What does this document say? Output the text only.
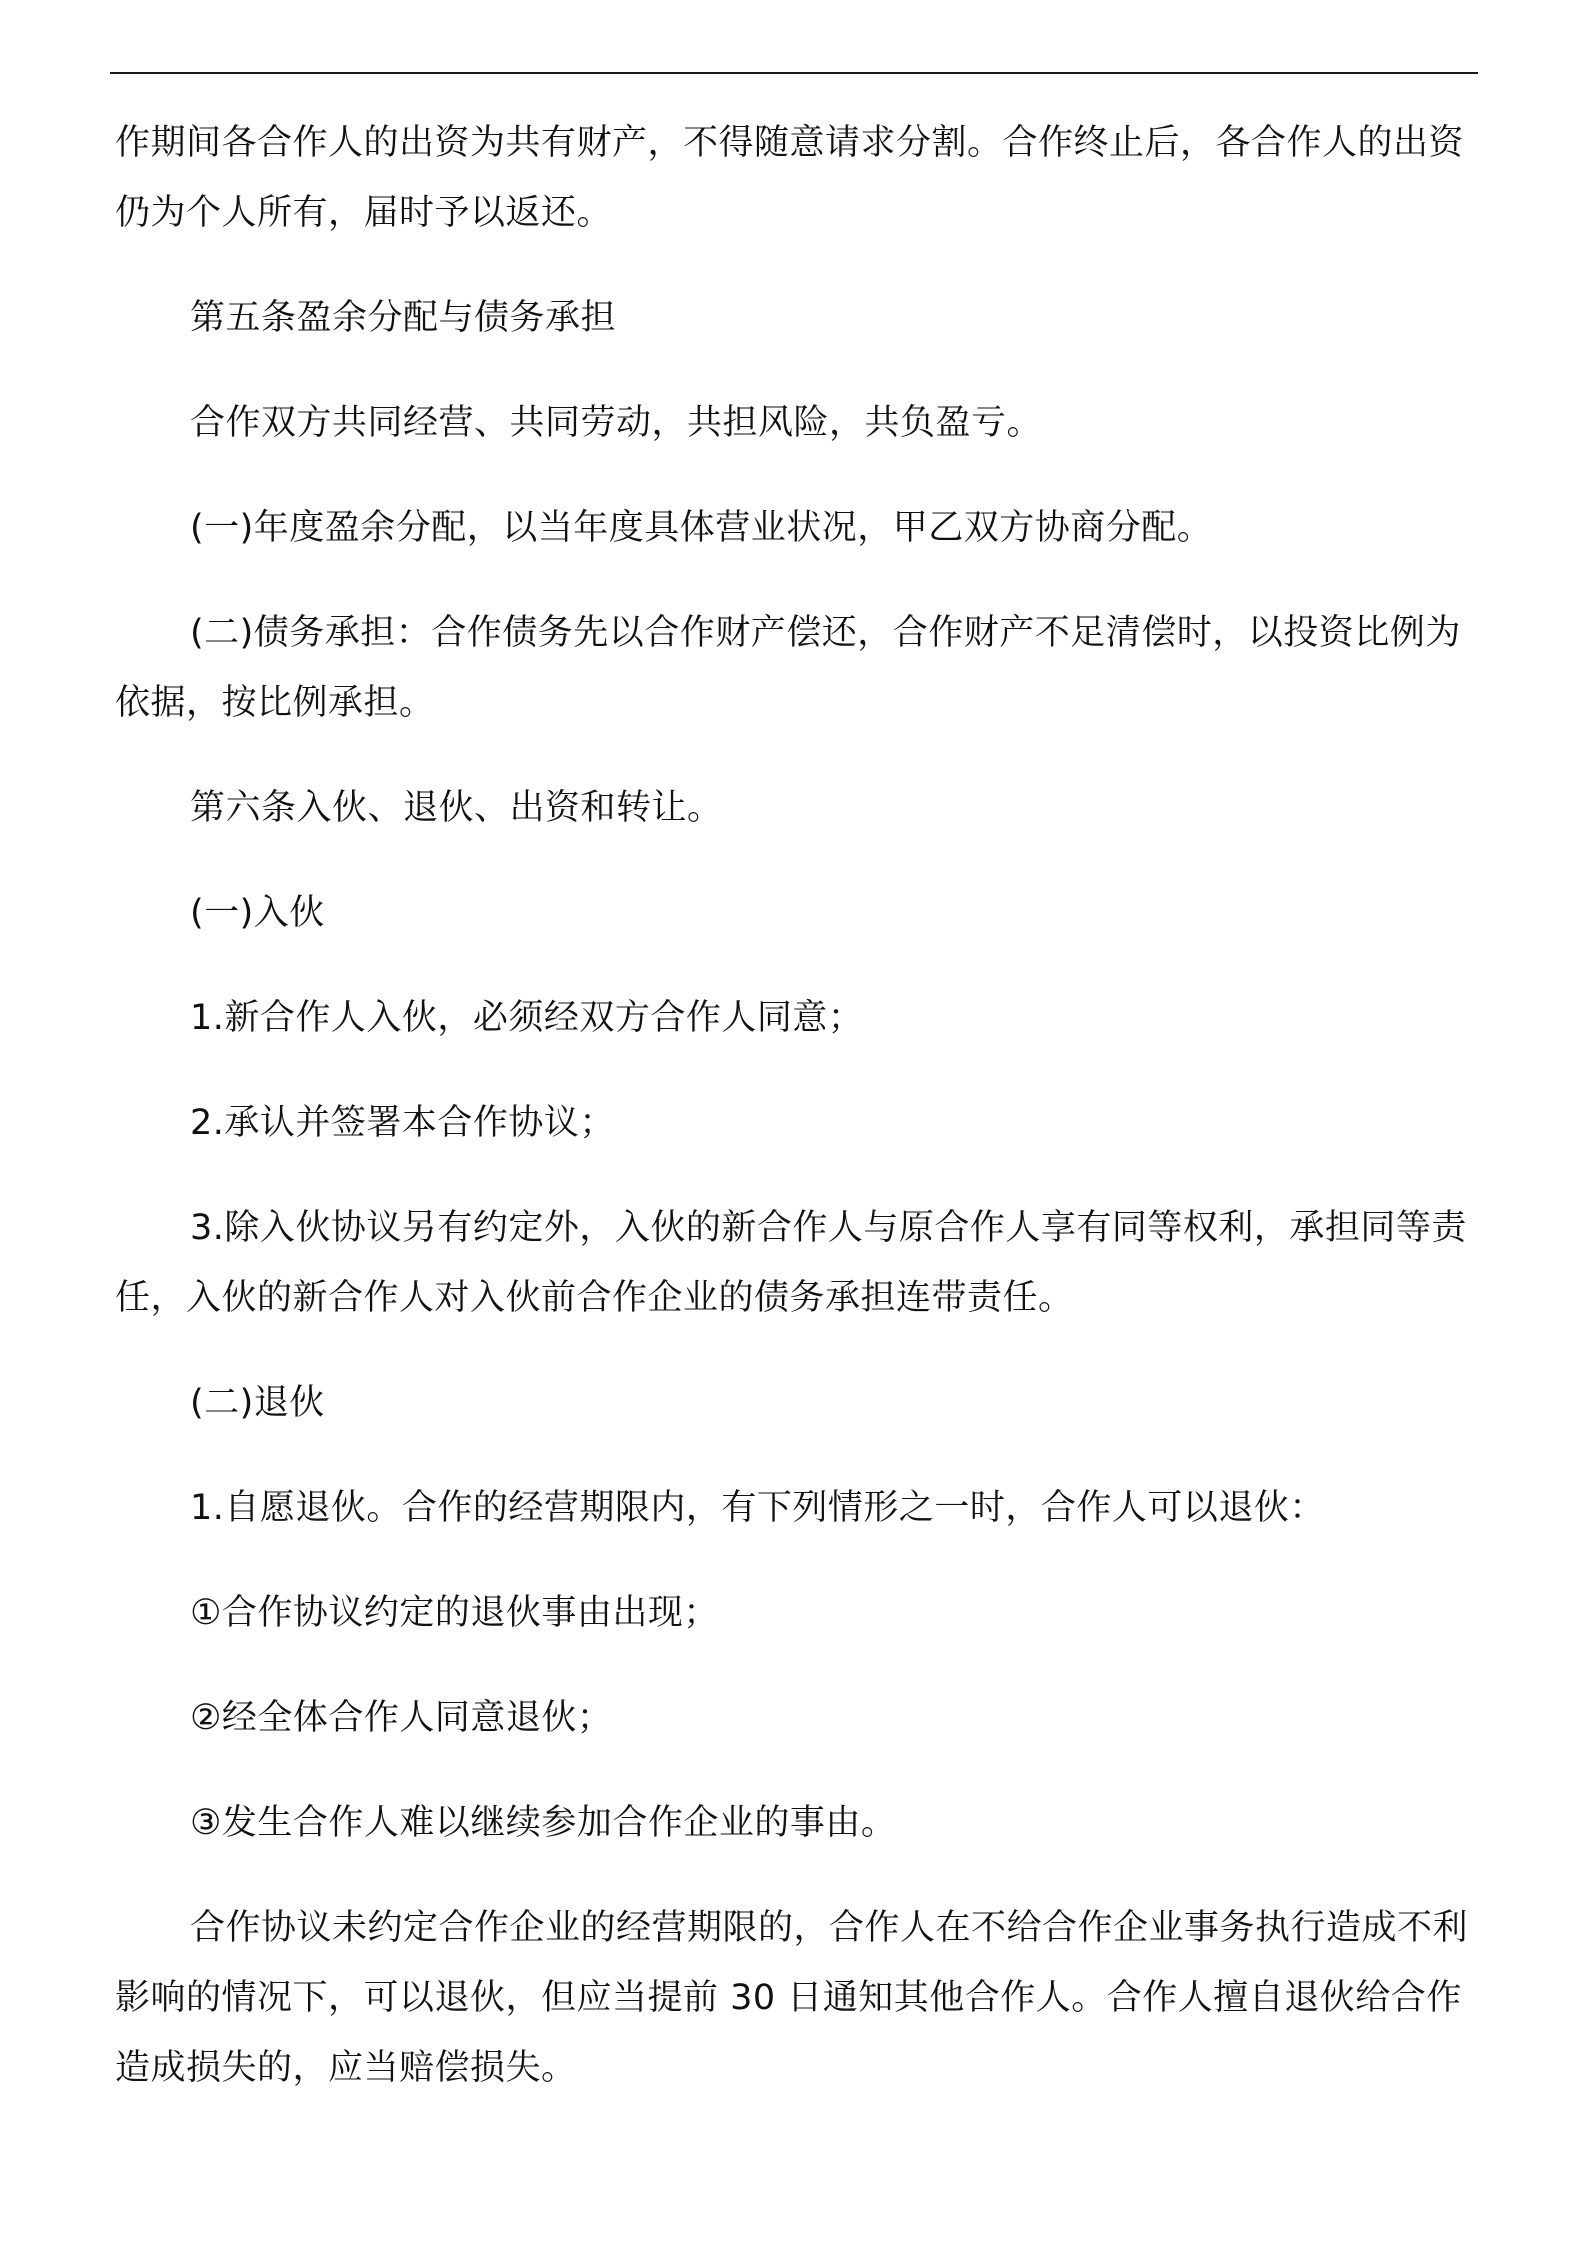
作期间各合作人的出资为共有财产，不得随意请求分割。合作终止后，各合作人的出资仍为个人所有，届时予以返还。

第五条盈余分配与债务承担

合作双方共同经营、共同劳动，共担风险，共负盈亏。

(一)年度盈余分配，以当年度具体营业状况，甲乙双方协商分配。

(二)债务承担：合作债务先以合作财产偿还，合作财产不足清偿时，以投资比例为依据，按比例承担。

第六条入伙、退伙、出资和转让。

(一)入伙

1.新合作人入伙，必须经双方合作人同意；

2.承认并签署本合作协议；

3.除入伙协议另有约定外，入伙的新合作人与原合作人享有同等权利，承担同等责任，入伙的新合作人对入伙前合作企业的债务承担连带责任。

(二)退伙

1.自愿退伙。合作的经营期限内，有下列情形之一时，合作人可以退伙：

①合作协议约定的退伙事由出现；

②经全体合作人同意退伙；

③发生合作人难以继续参加合作企业的事由。

合作协议未约定合作企业的经营期限的，合作人在不给合作企业事务执行造成不利影响的情况下，可以退伙，但应当提前 30 日通知其他合作人。合作人擅自退伙给合作造成损失的，应当赔偿损失。
